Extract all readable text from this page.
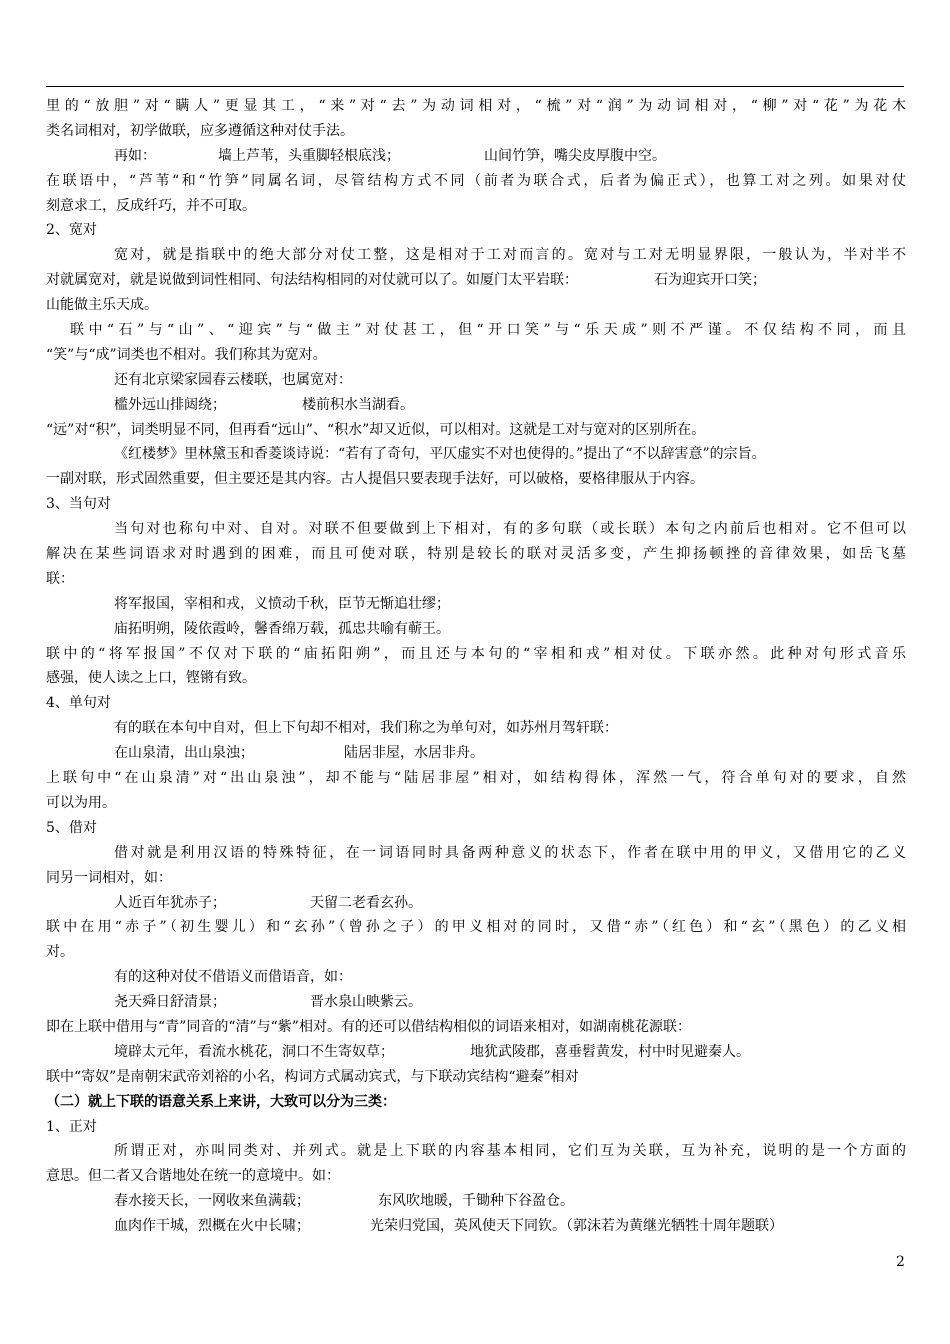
里的“放胆”对“瞒人”更显其工，“来”对“去”为动词相对，“梳”对“润”为动词相对，“柳”对“花”为花木
类名词相对，初学做联，应多遵循这种对仗手法。
再如：	墙上芦苇，头重脚轻根底浅；	山间竹笋，嘴尖皮厚腹中空。
在联语中，“芦苇“和“竹笋”同属名词，尽管结构方式不同（前者为联合式，后者为偏正式），也算工对之列。如果对仗
刻意求工，反成纤巧，并不可取。
2、宽对
宽对，就是指联中的绝大部分对仗工整，这是相对于工对而言的。宽对与工对无明显界限，一般认为，半对半不
对就属宽对，就是说做到词性相同、句法结构相同的对仗就可以了。如厦门太平岩联：	石为迎宾开口笑；
山能做主乐天成。
联中“石”与“山”、“迎宾”与“做主”对仗甚工，但“开口笑”与“乐天成”则不严谨。不仅结构不同，而且
“笑”与“成”词类也不相对。我们称其为宽对。
还有北京梁家园春云楼联，也属宽对：
槛外远山排闼绕；	楼前积水当湖看。
“远”对“积”，词类明显不同，但再看“远山”、“积水”却又近似，可以相对。这就是工对与宽对的区别所在。
《红楼梦》里林黛玉和香菱谈诗说：“若有了奇句，平仄虚实不对也使得的。”提出了“不以辞害意”的宗旨。
一副对联，形式固然重要，但主要还是其内容。古人提倡只要表现手法好，可以破格，要格律服从于内容。
3、当句对
当句对也称句中对、自对。对联不但要做到上下相对，有的多句联（或长联）本句之内前后也相对。它不但可以
解决在某些词语求对时遇到的困难，而且可使对联，特别是较长的联对灵活多变，产生抑扬顿挫的音律效果，如岳飞墓
联：
将军报国，宰相和戎，义愤动千秋，臣节无惭追壮缪；
庙拓明朔，陵依霞岭，馨香绵万载，孤忠共喻有蕲王。
联中的“将军报国”不仅对下联的“庙拓阳朔”，而且还与本句的“宰相和戎”相对仗。下联亦然。此种对句形式音乐
感强，使人读之上口，铿锵有致。
4、单句对
有的联在本句中自对，但上下句却不相对，我们称之为单句对，如苏州月驾轩联：
在山泉清，出山泉浊；	陆居非屋，水居非舟。
上联句中“在山泉清”对“出山泉浊”，却不能与“陆居非屋”相对，如结构得体，浑然一气，符合单句对的要求，自然
可以为用。
5、借对
借对就是利用汉语的特殊特征，在一词语同时具备两种意义的状态下，作者在联中用的甲义，又借用它的乙义
同另一词相对，如：
人近百年犹赤子；	天留二老看玄孙。
联中在用“赤子”（初生婴儿）和“玄孙”（曾孙之子）的甲义相对的同时，又借“赤”（红色）和“玄”（黑色）的乙义相
对。
有的这种对仗不借语义而借语音，如：
尧天舜日舒清景；	晋水泉山映紫云。
即在上联中借用与“青”同音的“清”与“紫”相对。有的还可以借结构相似的词语来相对，如湖南桃花源联：
境辟太元年，看流水桃花，洞口不生寄奴草；	地犹武陵郡，喜垂髫黄发，村中时见避秦人。
联中“寄奴”是南朝宋武帝刘裕的小名，构词方式属动宾式，与下联动宾结构“避秦”相对
（二）就上下联的语意关系上来讲，大致可以分为三类：
1、正对
所谓正对，亦叫同类对、并列式。就是上下联的内容基本相同，它们互为关联，互为补充，说明的是一个方面的
意思。但二者又合谐地处在统一的意境中。如：
春水接天长，一网收来鱼满载；	东风吹地暖，千锄种下谷盈仓。
血肉作干城，烈概在火中长啸；	光荣归党国，英风使天下同钦。（郭沫若为黄继光牺牲十周年题联）
2
